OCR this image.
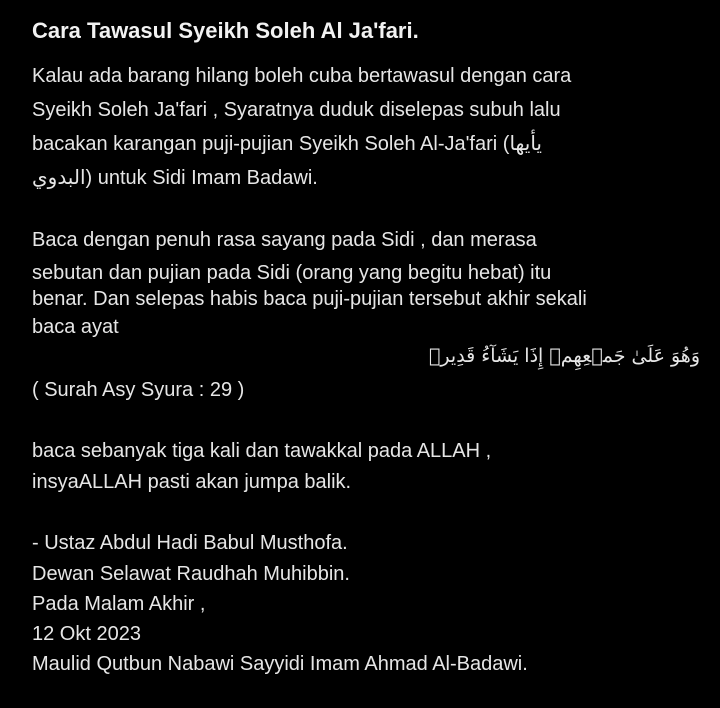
Cara Tawasul Syeikh Soleh Al Ja'fari.
Kalau ada barang hilang boleh cuba bertawasul dengan cara
Syeikh Soleh Ja'fari , Syaratnya duduk diselepas subuh lalu
bacakan karangan puji-pujian Syeikh Soleh Al-Ja'fari (يأيها
البدوي) untuk Sidi Imam Badawi.
Baca dengan penuh rasa sayang pada Sidi , dan merasa
sebutan dan pujian pada Sidi (orang yang begitu hebat) itu
benar. Dan selepas habis baca puji-pujian tersebut akhir sekali
baca ayat
وَهُوَ عَلَىٰ جَمۡعِهِمۡ إِذَا يَشَآءُ قَدِيرٞ
( Surah Asy Syura : 29 )
baca sebanyak tiga kali dan tawakkal pada ALLAH ,
insyaALLAH pasti akan jumpa balik.
- Ustaz Abdul Hadi Babul Musthofa.
Dewan Selawat Raudhah Muhibbin.
Pada Malam Akhir ,
12 Okt 2023
Maulid Qutbun Nabawi Sayyidi Imam Ahmad Al-Badawi.
